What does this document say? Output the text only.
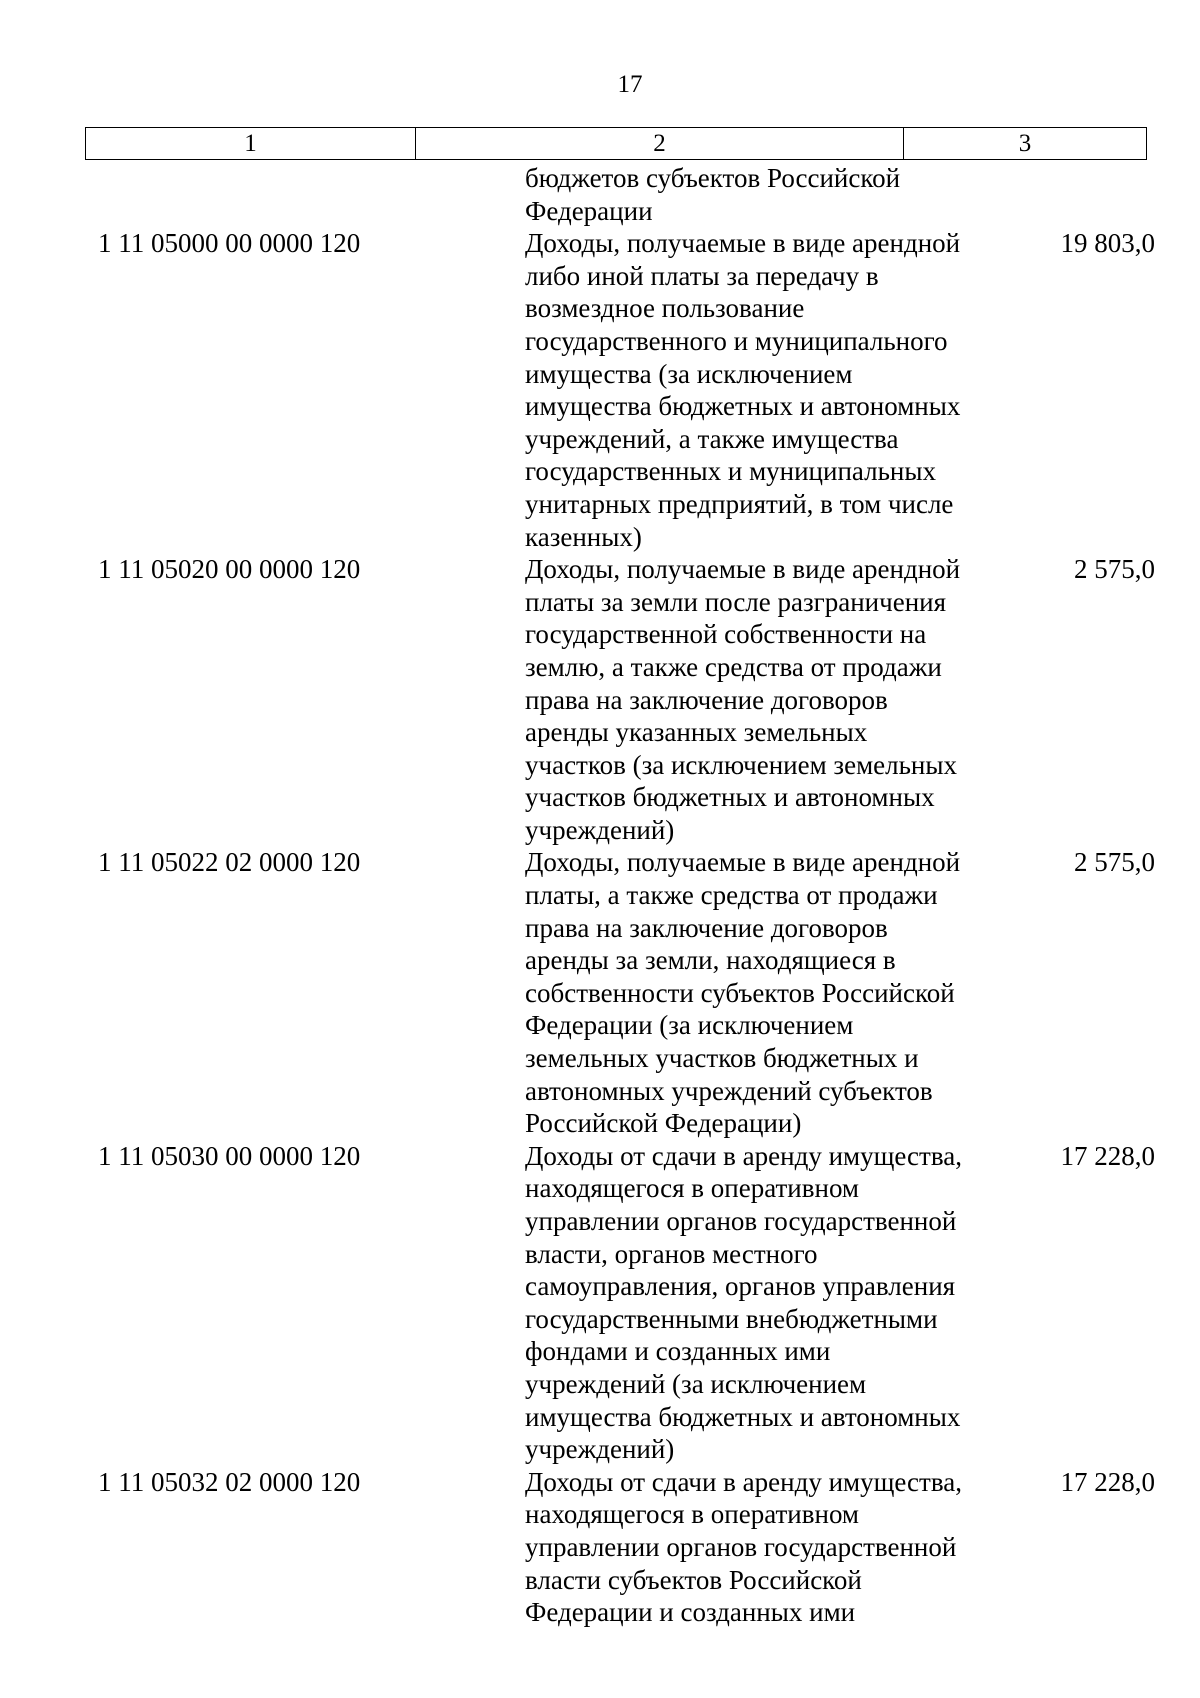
17
1	2	3
бюджетов субъектов Российской
Федерации
1 11 05000 00 0000 120	Доходы, получаемые в виде арендной
либо иной платы за передачу в
возмездное пользование
государственного и муниципального
имущества (за исключением
имущества бюджетных и автономных
учреждений, а также имущества
государственных и муниципальных
унитарных предприятий, в том числе
казенных)
19 803,0
1 11 05020 00 0000 120	Доходы, получаемые в виде арендной
платы за земли после разграничения
государственной собственности на
землю, а также средства от продажи
права на заключение договоров
аренды указанных земельных
участков (за исключением земельных
участков бюджетных и автономных
учреждений)
2 575,0
1 11 05022 02 0000 120	Доходы, получаемые в виде арендной
платы, а также средства от продажи
права на заключение договоров
аренды за земли, находящиеся в
собственности субъектов Российской
Федерации (за исключением
земельных участков бюджетных и
автономных учреждений субъектов
Российской Федерации)
2 575,0
1 11 05030 00 0000 120	Доходы от сдачи в аренду имущества,
находящегося в оперативном
управлении органов государственной
власти, органов местного
самоуправления, органов управления
государственными внебюджетными
фондами и созданных ими
учреждений (за исключением
имущества бюджетных и автономных
учреждений)
17 228,0
1 11 05032 02 0000 120	Доходы от сдачи в аренду имущества,
находящегося в оперативном
управлении органов государственной
власти субъектов Российской
Федерации и созданных ими
17 228,0
